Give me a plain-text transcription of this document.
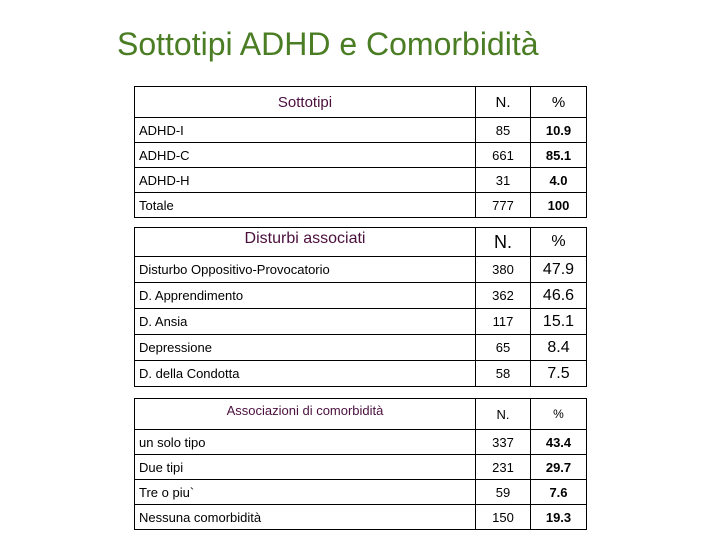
Sottotipi ADHD e Comorbidità
Sottotipi	N.	%
ADHD-I	85	10.9
ADHD-C	661	85.1
ADHD-H	31	4.0
Totale	777	100
Disturbi associati	N.	%
Disturbo Oppositivo-Provocatorio	380	47.9
D. Apprendimento	362	46.6
D. Ansia	117	15.1
Depressione	65	8.4
D. della Condotta	58	7.5
Associazioni di comorbidità	N.	%
un solo tipo	337	43.4
Due tipi	231	29.7
Tre o piu`	59	7.6
Nessuna comorbidità	150	19.3
